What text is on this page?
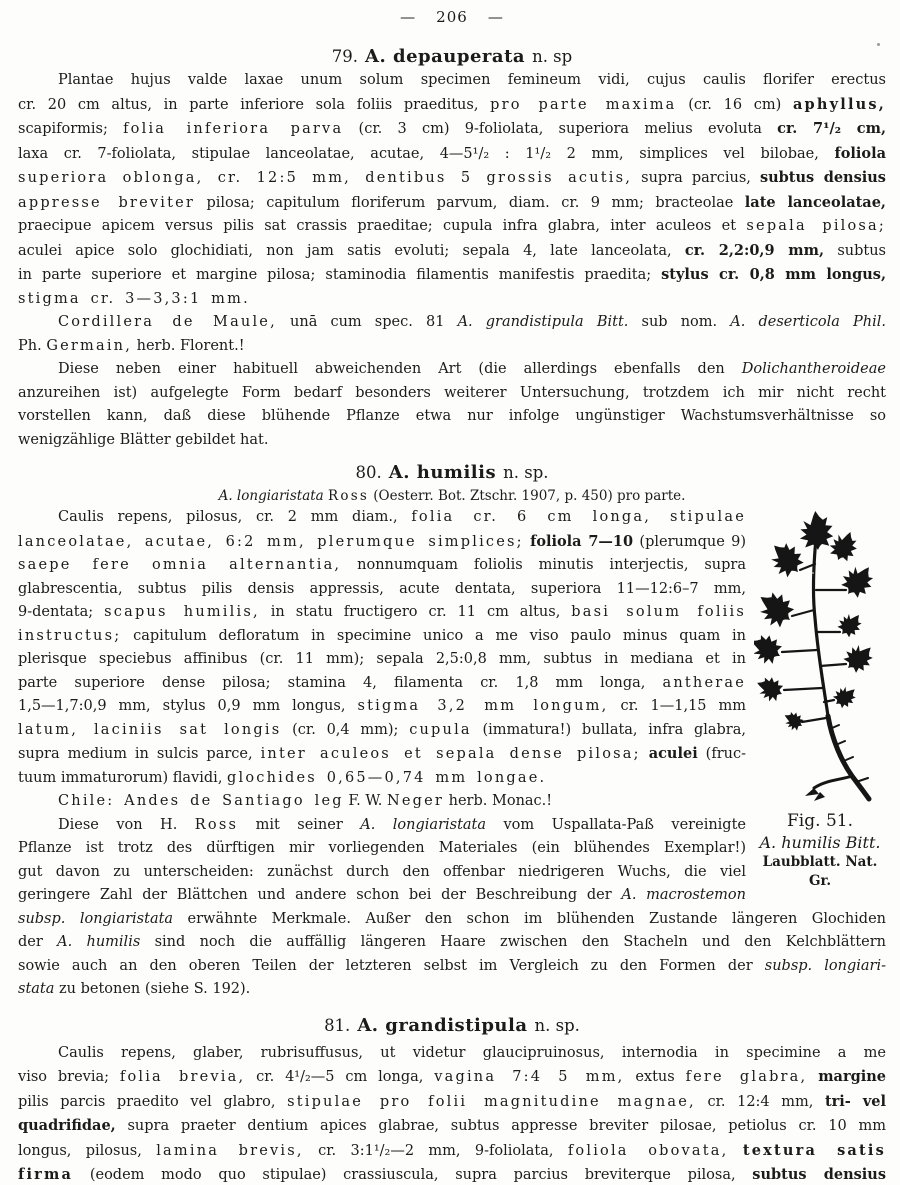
— 206 —
79. A. depauperata n. sp
Plantae hujus valde laxae unum solum specimen femineum vidi, cujus caulis florifer erectus
cr. 20 cm altus, in parte inferiore sola foliis praeditus, pro parte maxima (cr. 16 cm) aphyllus,
scapiformis; folia inferiora parva (cr. 3 cm) 9-foliolata, superiora melius evoluta cr. 7¹/₂ cm,
laxa cr. 7-foliolata, stipulae lanceolatae, acutae, 4—5¹/₂ : 1¹/₂ 2 mm, simplices vel bilobae, foliola
superiora oblonga, cr. 12:5 mm, dentibus 5 grossis acutis, supra parcius, subtus densius
appresse breviter pilosa; capitulum floriferum parvum, diam. cr. 9 mm; bracteolae late lanceolatae,
praecipue apicem versus pilis sat crassis praeditae; cupula infra glabra, inter aculeos et sepala pilosa;
aculei apice solo glochidiati, non jam satis evoluti; sepala 4, late lanceolata, cr. 2,2:0,9 mm, subtus
in parte superiore et margine pilosa; staminodia filamentis manifestis praedita; stylus cr. 0,8 mm longus,
stigma cr. 3—3,3:1 mm.
Cordillera de Maule, unā cum spec. 81 A. grandistipula Bitt. sub nom. A. deserticola Phil.
Ph. Germain, herb. Florent.!
Diese neben einer habituell abweichenden Art (die allerdings ebenfalls den Dolichantheroideae
anzureihen ist) aufgelegte Form bedarf besonders weiterer Untersuchung, trotzdem ich mir nicht recht
vorstellen kann, daß diese blühende Pflanze etwa nur infolge ungünstiger Wachstumsverhältnisse so
wenigzählige Blätter gebildet hat.
80. A. humilis n. sp.
A. longiaristata Ross (Oesterr. Bot. Ztschr. 1907, p. 450) pro parte.
Fig. 51.
A. humilis Bitt.
Laubblatt. Nat. Gr.
Caulis repens, pilosus, cr. 2 mm diam., folia cr. 6 cm longa, stipulae
lanceolatae, acutae, 6:2 mm, plerumque simplices; foliola 7—10 (plerumque 9)
saepe fere omnia alternantia, nonnumquam foliolis minutis interjectis, supra
glabrescentia, subtus pilis densis appressis, acute dentata, superiora 11—12:6–7 mm,
9-dentata; scapus humilis, in statu fructigero cr. 11 cm altus, basi solum foliis
instructus; capitulum defloratum in specimine unico a me viso paulo minus quam in
plerisque speciebus affinibus (cr. 11 mm); sepala 2,5:0,8 mm, subtus in mediana et in
parte superiore dense pilosa; stamina 4, filamenta cr. 1,8 mm longa, antherae
1,5—1,7:0,9 mm, stylus 0,9 mm longus, stigma 3,2 mm longum, cr. 1—1,15 mm
latum, laciniis sat longis (cr. 0,4 mm); cupula (immatura!) bullata, infra glabra,
supra medium in sulcis parce, inter aculeos et sepala dense pilosa; aculei (fruc-
tuum immaturorum) flavidi, glochides 0,65—0,74 mm longae.
Chile: Andes de Santiago leg F. W. Neger herb. Monac.!
Diese von H. Ross mit seiner A. longiaristata vom Uspallata-Paß vereinigte
Pflanze ist trotz des dürftigen mir vorliegenden Materiales (ein blühendes Exemplar!)
gut davon zu unterscheiden: zunächst durch den offenbar niedrigeren Wuchs, die viel
geringere Zahl der Blättchen und andere schon bei der Beschreibung der A. macrostemon
subsp. longiaristata erwähnte Merkmale. Außer den schon im blühenden Zustande längeren Glochiden
der A. humilis sind noch die auffällig längeren Haare zwischen den Stacheln und den Kelchblättern
sowie auch an den oberen Teilen der letzteren selbst im Vergleich zu den Formen der subsp. longiari-
stata zu betonen (siehe S. 192).
81. A. grandistipula n. sp.
Caulis repens, glaber, rubrisuffusus, ut videtur glaucipruinosus, internodia in specimine a me
viso brevia; folia brevia, cr. 4¹/₂—5 cm longa, vagina 7:4 5 mm, extus fere glabra, margine
pilis parcis praedito vel glabro, stipulae pro folii magnitudine magnae, cr. 12:4 mm, tri- vel
quadrifidae, supra praeter dentium apices glabrae, subtus appresse breviter pilosae, petiolus cr. 10 mm
longus, pilosus, lamina brevis, cr. 3:1¹/₂—2 mm, 9-foliolata, foliola obovata, textura satis
firma (eodem modo quo stipulae) crassiuscula, supra parcius breviterque pilosa, subtus densius
